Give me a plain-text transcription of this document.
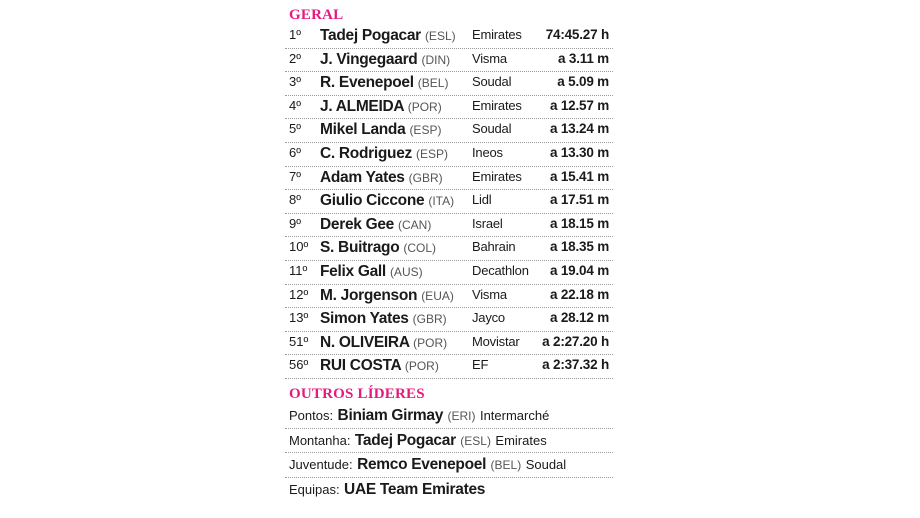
GERAL
1º Tadej Pogacar (ESL) Emirates 74:45.27 h
2º J. Vingegaard (DIN) Visma	a 3.11 m
3º R. Evenepoel (BEL) Soudal	a 5.09 m
4º J. ALMEIDA (POR) Emirates a 12.57 m
5º Mikel Landa (ESP) Soudal	a 13.24 m
6º C. Rodriguez (ESP) Ineos	a 13.30 m
7º Adam Yates (GBR) Emirates a 15.41 m
8º Giulio Ciccone (ITA) Lidl	a 17.51 m
9º Derek Gee (CAN)	Israel	a 18.15 m
10º S. Buitrago (COL)	Bahrain	a 18.35 m
11º Felix Gall (AUS)	Decathlon a 19.04 m
12º M. Jorgenson (EUA) Visma	a 22.18 m
13º Simon Yates (GBR) Jayco	a 28.12 m
51º N. OLIVEIRA (POR) Movistar a 2:27.20 h
56º RUI COSTA (POR)	EF	a 2:37.32 h
OUTROS LÍDERES
Pontos: Biniam Girmay (ERI) Intermarché
Montanha: Tadej Pogacar (ESL) Emirates
Juventude: Remco Evenepoel (BEL) Soudal
Equipas: UAE Team Emirates
